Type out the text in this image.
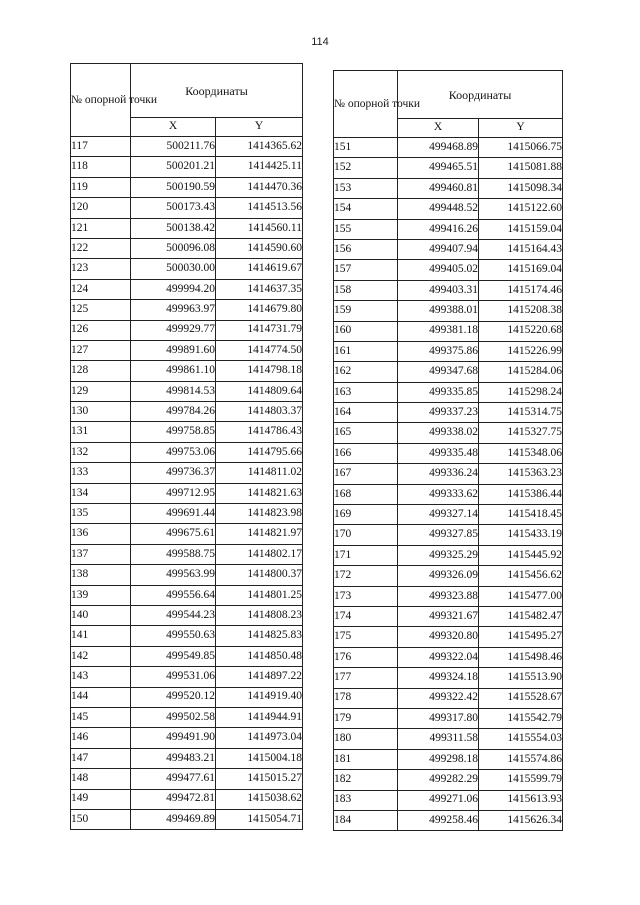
114
№ опорной точки	Координаты	
	X	Y
117	500211.76	1414365.62
118	500201.21	1414425.11
119	500190.59	1414470.36
120	500173.43	1414513.56
121	500138.42	1414560.11
122	500096.08	1414590.60
123	500030.00	1414619.67
124	499994.20	1414637.35
125	499963.97	1414679.80
126	499929.77	1414731.79
127	499891.60	1414774.50
128	499861.10	1414798.18
129	499814.53	1414809.64
130	499784.26	1414803.37
131	499758.85	1414786.43
132	499753.06	1414795.66
133	499736.37	1414811.02
134	499712.95	1414821.63
135	499691.44	1414823.98
136	499675.61	1414821.97
137	499588.75	1414802.17
138	499563.99	1414800.37
139	499556.64	1414801.25
140	499544.23	1414808.23
141	499550.63	1414825.83
142	499549.85	1414850.48
143	499531.06	1414897.22
144	499520.12	1414919.40
145	499502.58	1414944.91
146	499491.90	1414973.04
147	499483.21	1415004.18
148	499477.61	1415015.27
149	499472.81	1415038.62
150	499469.89	1415054.71
№ опорной точки	Координаты	
	X	Y
151	499468.89	1415066.75
152	499465.51	1415081.88
153	499460.81	1415098.34
154	499448.52	1415122.60
155	499416.26	1415159.04
156	499407.94	1415164.43
157	499405.02	1415169.04
158	499403.31	1415174.46
159	499388.01	1415208.38
160	499381.18	1415220.68
161	499375.86	1415226.99
162	499347.68	1415284.06
163	499335.85	1415298.24
164	499337.23	1415314.75
165	499338.02	1415327.75
166	499335.48	1415348.06
167	499336.24	1415363.23
168	499333.62	1415386.44
169	499327.14	1415418.45
170	499327.85	1415433.19
171	499325.29	1415445.92
172	499326.09	1415456.62
173	499323.88	1415477.00
174	499321.67	1415482.47
175	499320.80	1415495.27
176	499322.04	1415498.46
177	499324.18	1415513.90
178	499322.42	1415528.67
179	499317.80	1415542.79
180	499311.58	1415554.03
181	499298.18	1415574.86
182	499282.29	1415599.79
183	499271.06	1415613.93
184	499258.46	1415626.34
